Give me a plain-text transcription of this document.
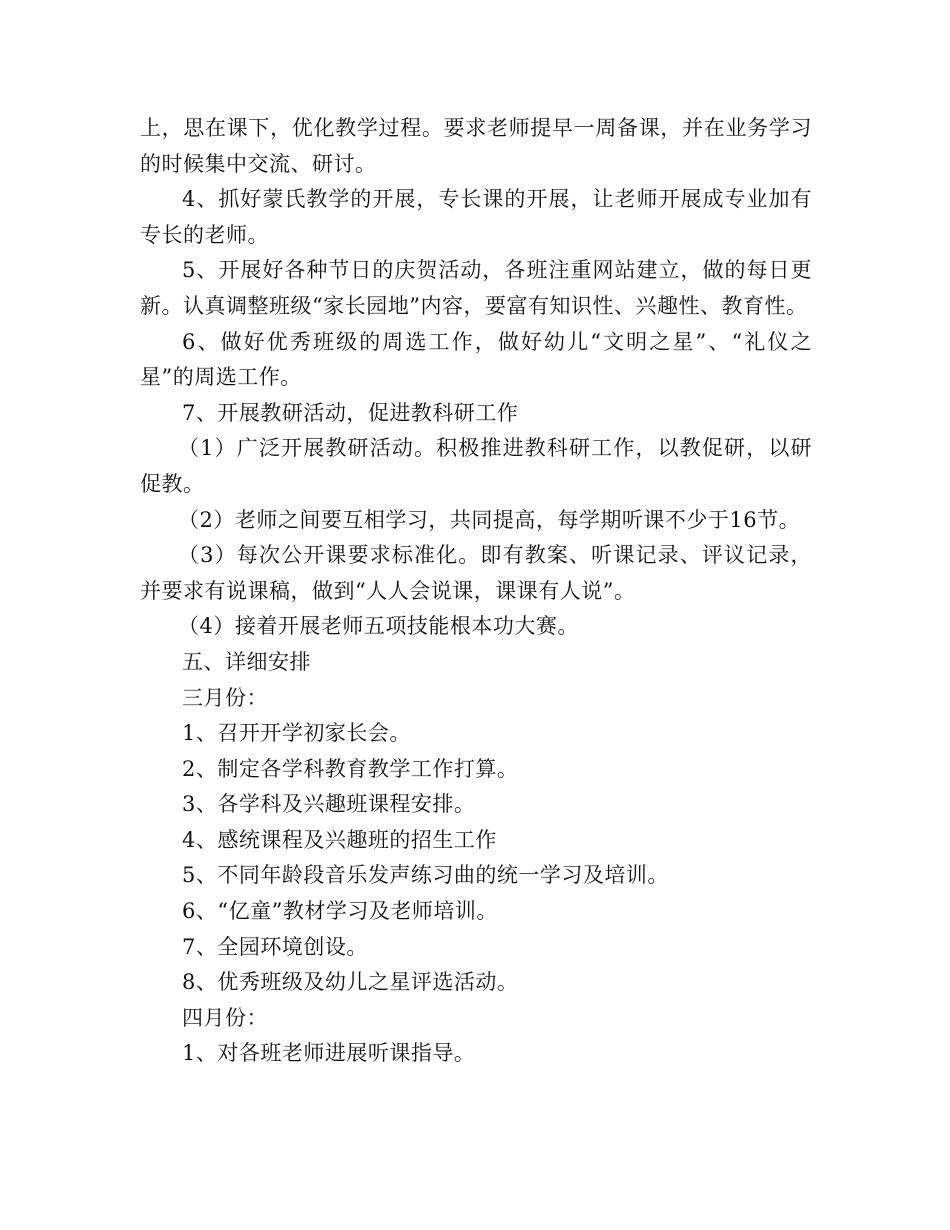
上，思在课下，优化教学过程。要求老师提早一周备课，并在业务学习的时候集中交流、研讨。

4、抓好蒙氏教学的开展，专长课的开展，让老师开展成专业加有专长的老师。

5、开展好各种节日的庆贺活动，各班注重网站建立，做的每日更新。认真调整班级“家长园地”内容，要富有知识性、兴趣性、教育性。

6、做好优秀班级的周选工作，做好幼儿“文明之星”、“礼仪之星”的周选工作。

7、开展教研活动，促进教科研工作

（1）广泛开展教研活动。积极推进教科研工作，以教促研，以研促教。

（2）老师之间要互相学习，共同提高，每学期听课不少于16节。

（3）每次公开课要求标准化。即有教案、听课记录、评议记录，并要求有说课稿，做到“人人会说课，课课有人说”。

（4）接着开展老师五项技能根本功大赛。

五、详细安排

三月份：

1、召开开学初家长会。

2、制定各学科教育教学工作打算。

3、各学科及兴趣班课程安排。

4、感统课程及兴趣班的招生工作

5、不同年龄段音乐发声练习曲的统一学习及培训。

6、“亿童”教材学习及老师培训。

7、全园环境创设。

8、优秀班级及幼儿之星评选活动。

四月份：

1、对各班老师进展听课指导。
